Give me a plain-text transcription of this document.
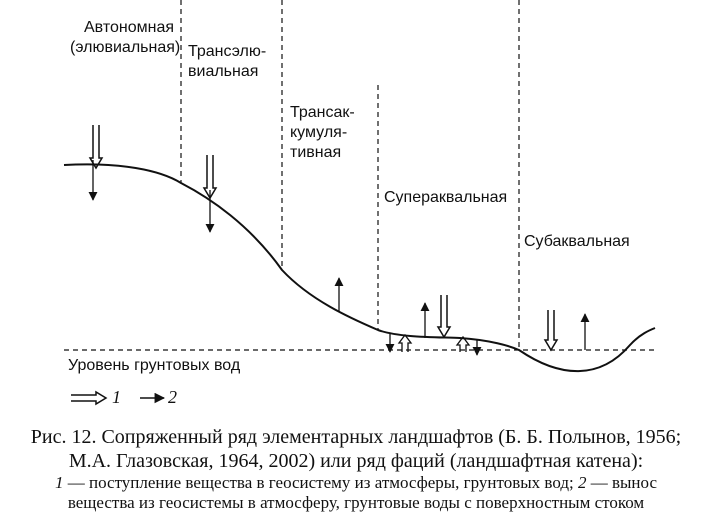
Автономная
(элювиальная) Трансэлю-
виальная
Трансак-
кумуля-
тивная
Супераквальная
Субаквальная
Уровень грунтовых вод
1	2
Рис. 12. Сопряженный ряд элементарных ландшафтов (Б. Б. Полынов, 1956;
М.А. Глазовская, 1964, 2002) или ряд фаций (ландшафтная катена):
1 — поступление вещества в геосистему из атмосферы, грунтовых вод; 2 — вынос
вещества из геосистемы в атмосферу, грунтовые воды с поверхностным стоком
